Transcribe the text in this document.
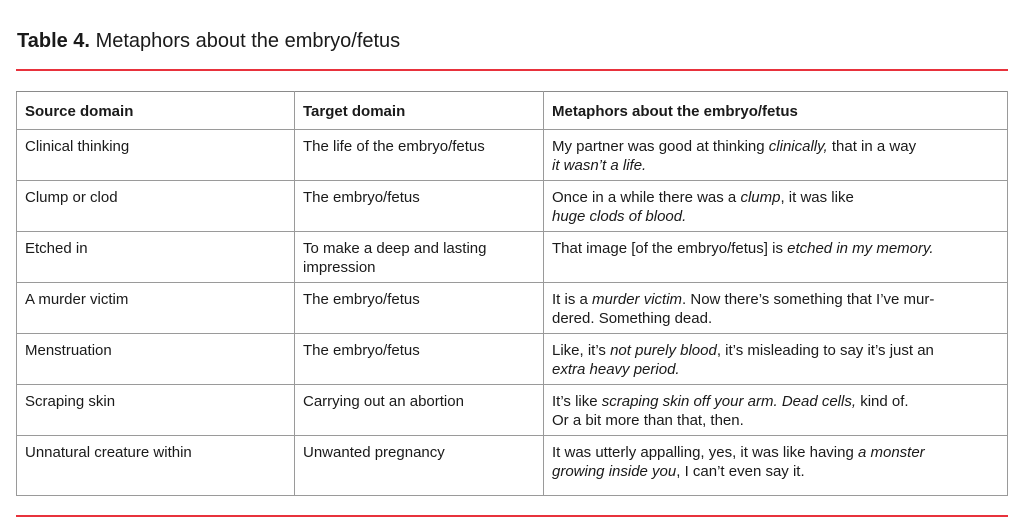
Table 4. Metaphors about the embryo/fetus
Source domain	Target domain	Metaphors about the embryo/fetus
Clinical thinking	The life of the embryo/fetus	My partner was good at thinking clinically, that in a way
it wasn’t a life.

Clump or clod	The embryo/fetus	Once in a while there was a clump, it was like
huge clods of blood.

Etched in	To make a deep and lasting impression	That image [of the embryo/fetus] is etched in my memory.

A murder victim	The embryo/fetus	It is a murder victim. Now there’s something that I’ve mur-
dered. Something dead.

Menstruation	The embryo/fetus	Like, it’s not purely blood, it’s misleading to say it’s just an
extra heavy period.

Scraping skin	Carrying out an abortion	It’s like scraping skin off your arm. Dead cells, kind of.
Or a bit more than that, then.

Unnatural creature within	Unwanted pregnancy	It was utterly appalling, yes, it was like having a monster
growing inside you, I can’t even say it.
